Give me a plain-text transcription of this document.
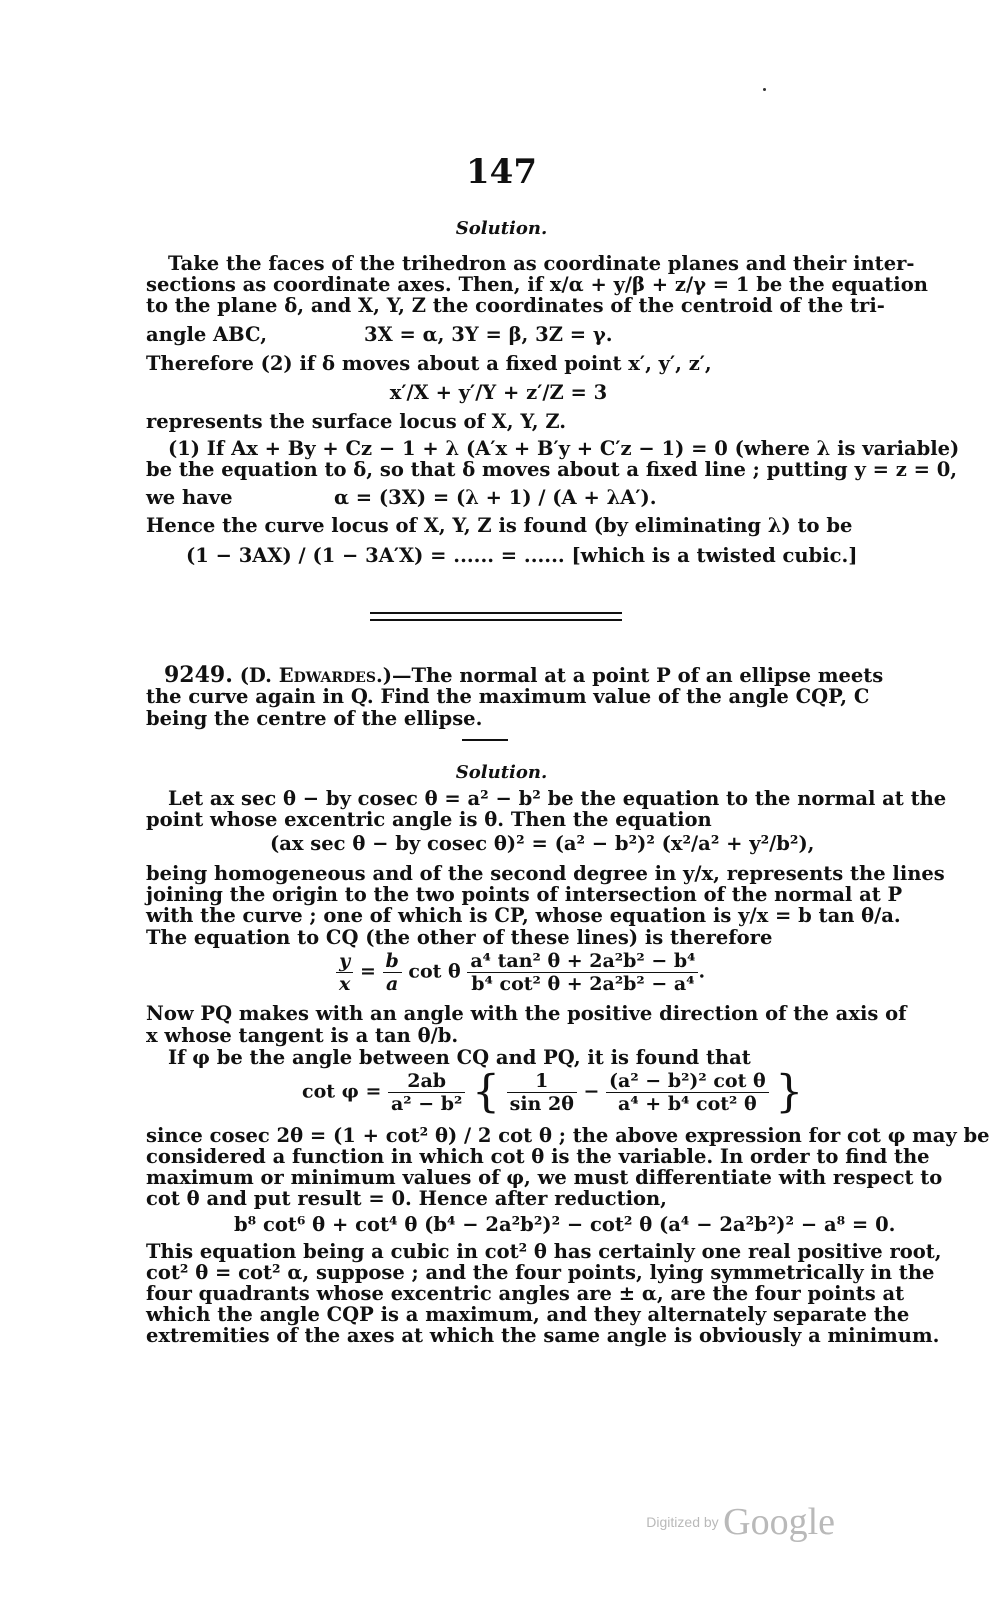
147
Solution.
Take the faces of the trihedron as coordinate planes and their inter-
sections as coordinate axes. Then, if x/α + y/β + z/γ = 1 be the equation
to the plane δ, and X, Y, Z the coordinates of the centroid of the tri-
angle ABC,	3X = α, 3Y = β, 3Z = γ.
Therefore (2) if δ moves about a fixed point x′, y′, z′,
x′/X + y′/Y + z′/Z = 3
represents the surface locus of X, Y, Z.
(1) If Ax + By + Cz − 1 + λ (A′x + B′y + C′z − 1) = 0 (where λ is variable)
be the equation to δ, so that δ moves about a fixed line ; putting y = z = 0,
we have	α = (3X) = (λ + 1) / (A + λA′).
Hence the curve locus of X, Y, Z is found (by eliminating λ) to be
(1 − 3AX) / (1 − 3A′X) = ...... = ...... [which is a twisted cubic.]
9249. (D. Edwardes.)—The normal at a point P of an ellipse meets
the curve again in Q. Find the maximum value of the angle CQP, C
being the centre of the ellipse.
Solution.
Let ax sec θ − by cosec θ = a² − b² be the equation to the normal at the
point whose excentric angle is θ. Then the equation
(ax sec θ − by cosec θ)² = (a² − b²)² (x²/a² + y²/b²),
being homogeneous and of the second degree in y/x, represents the lines
joining the origin to the two points of intersection of the normal at P
with the curve ; one of which is CP, whose equation is y/x = b tan θ/a.
The equation to CQ (the other of these lines) is therefore
$\frac{y}{x} = \frac{b}{a}$ cot θ $\frac{\text{a⁴ tan² θ + 2a²b² − b⁴}}{\text{b⁴ cot² θ + 2a²b² − a⁴}}$ .
Now PQ makes with an angle with the positive direction of the axis of
x whose tangent is a tan θ/b.
If φ be the angle between CQ and PQ, it is found that
$\cot \varphi = \frac{2ab}{\text{a² − b²}}$ { $\frac{1}{\sin 2\theta} - \frac{\text{(a² − b²)² cot θ}}{\text{a⁴ + b⁴ cot² θ}}$ }
since cosec 2θ = (1 + cot² θ) / 2 cot θ ; the above expression for cot φ may be
considered a function in which cot θ is the variable. In order to find the
maximum or minimum values of φ, we must differentiate with respect to
cot θ and put result = 0. Hence after reduction,
b⁸ cot⁶ θ + cot⁴ θ (b⁴ − 2a²b²)² − cot² θ (a⁴ − 2a²b²)² − a⁸ = 0.
This equation being a cubic in cot² θ has certainly one real positive root,
cot² θ = cot² α, suppose ; and the four points, lying symmetrically in the
four quadrants whose excentric angles are ± α, are the four points at
which the angle CQP is a maximum, and they alternately separate the
extremities of the axes at which the same angle is obviously a minimum.
Digitized by Google
